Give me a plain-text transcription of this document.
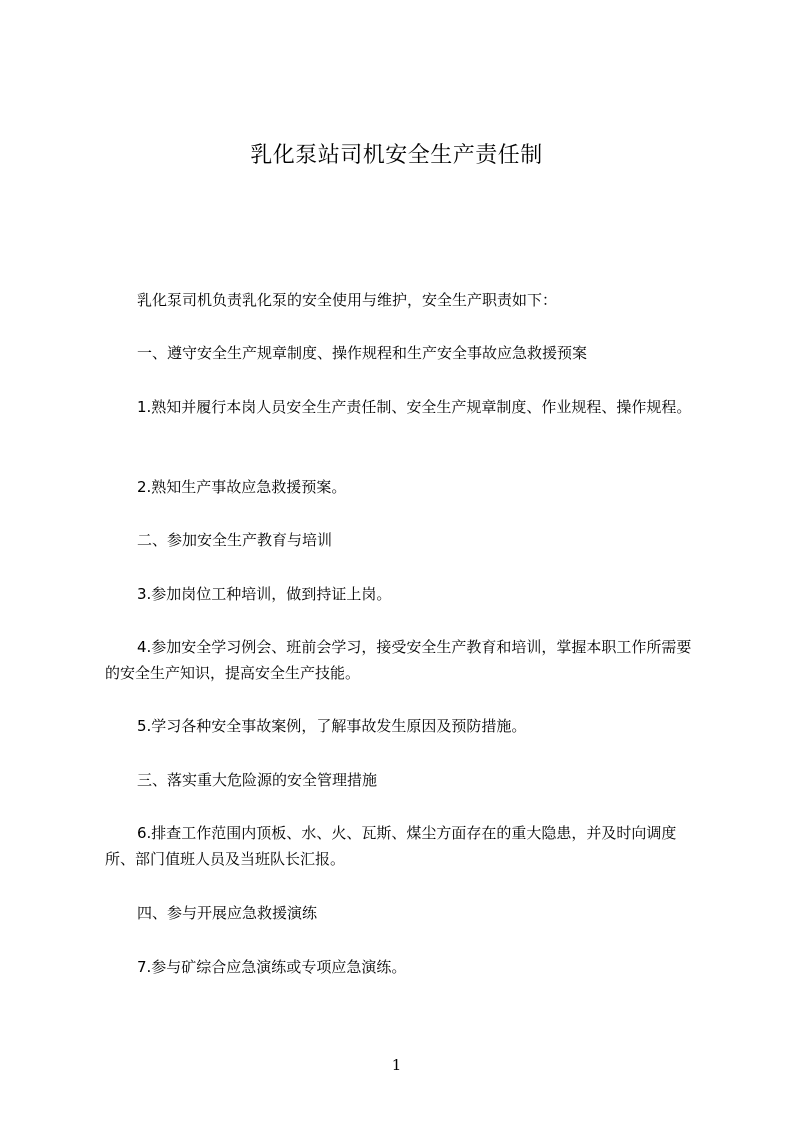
乳化泵站司机安全生产责任制

乳化泵司机负责乳化泵的安全使用与维护，安全生产职责如下：

一、遵守安全生产规章制度、操作规程和生产安全事故应急救援预案

1.熟知并履行本岗人员安全生产责任制、安全生产规章制度、作业规程、操作规程。

2.熟知生产事故应急救援预案。

二、参加安全生产教育与培训

3.参加岗位工种培训，做到持证上岗。

4.参加安全学习例会、班前会学习，接受安全生产教育和培训，掌握本职工作所需要的安全生产知识，提高安全生产技能。

5.学习各种安全事故案例，了解事故发生原因及预防措施。

三、落实重大危险源的安全管理措施

6.排查工作范围内顶板、水、火、瓦斯、煤尘方面存在的重大隐患，并及时向调度所、部门值班人员及当班队长汇报。

四、参与开展应急救援演练

7.参与矿综合应急演练或专项应急演练。

1
